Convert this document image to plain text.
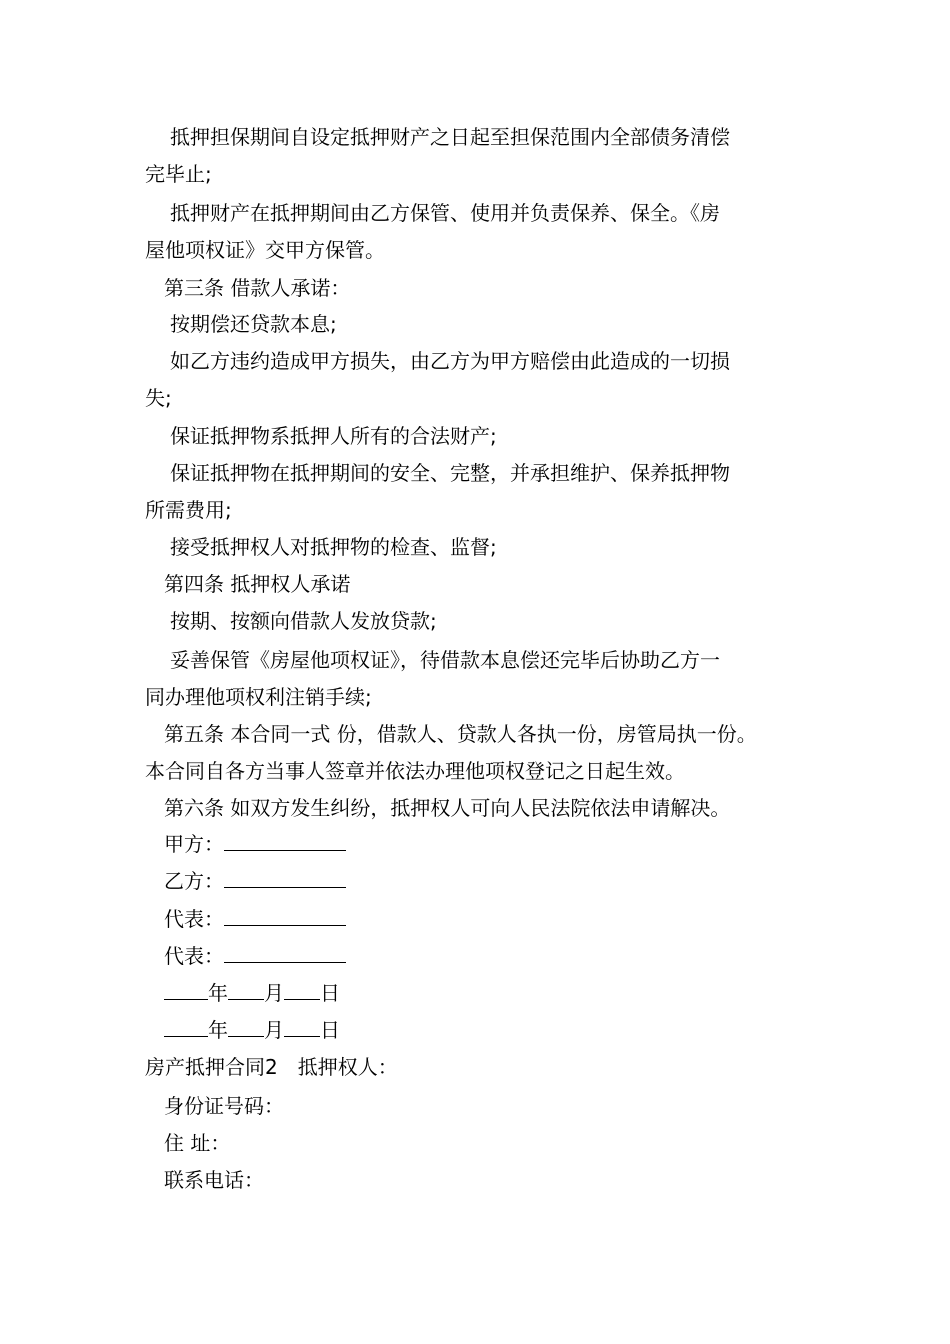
抵押担保期间自设定抵押财产之日起至担保范围内全部债务清偿
完毕止;
抵押财产在抵押期间由乙方保管、使用并负责保养、保全。《房
屋他项权证》交甲方保管。
第三条 借款人承诺：
按期偿还贷款本息;
如乙方违约造成甲方损失，由乙方为甲方赔偿由此造成的一切损
失;
保证抵押物系抵押人所有的合法财产;
保证抵押物在抵押期间的安全、完整，并承担维护、保养抵押物
所需费用;
接受抵押权人对抵押物的检查、监督;
第四条 抵押权人承诺
按期、按额向借款人发放贷款;
妥善保管《房屋他项权证》，待借款本息偿还完毕后协助乙方一
同办理他项权利注销手续;
第五条 本合同一式 份，借款人、贷款人各执一份，房管局执一份。
本合同自各方当事人签章并依法办理他项权登记之日起生效。
第六条 如双方发生纠纷，抵押权人可向人民法院依法申请解决。
甲方：
乙方：
代表：
代表：
年 月 日
年 月 日
房产抵押合同2　抵押权人：
身份证号码：
住 址：
联系电话：
